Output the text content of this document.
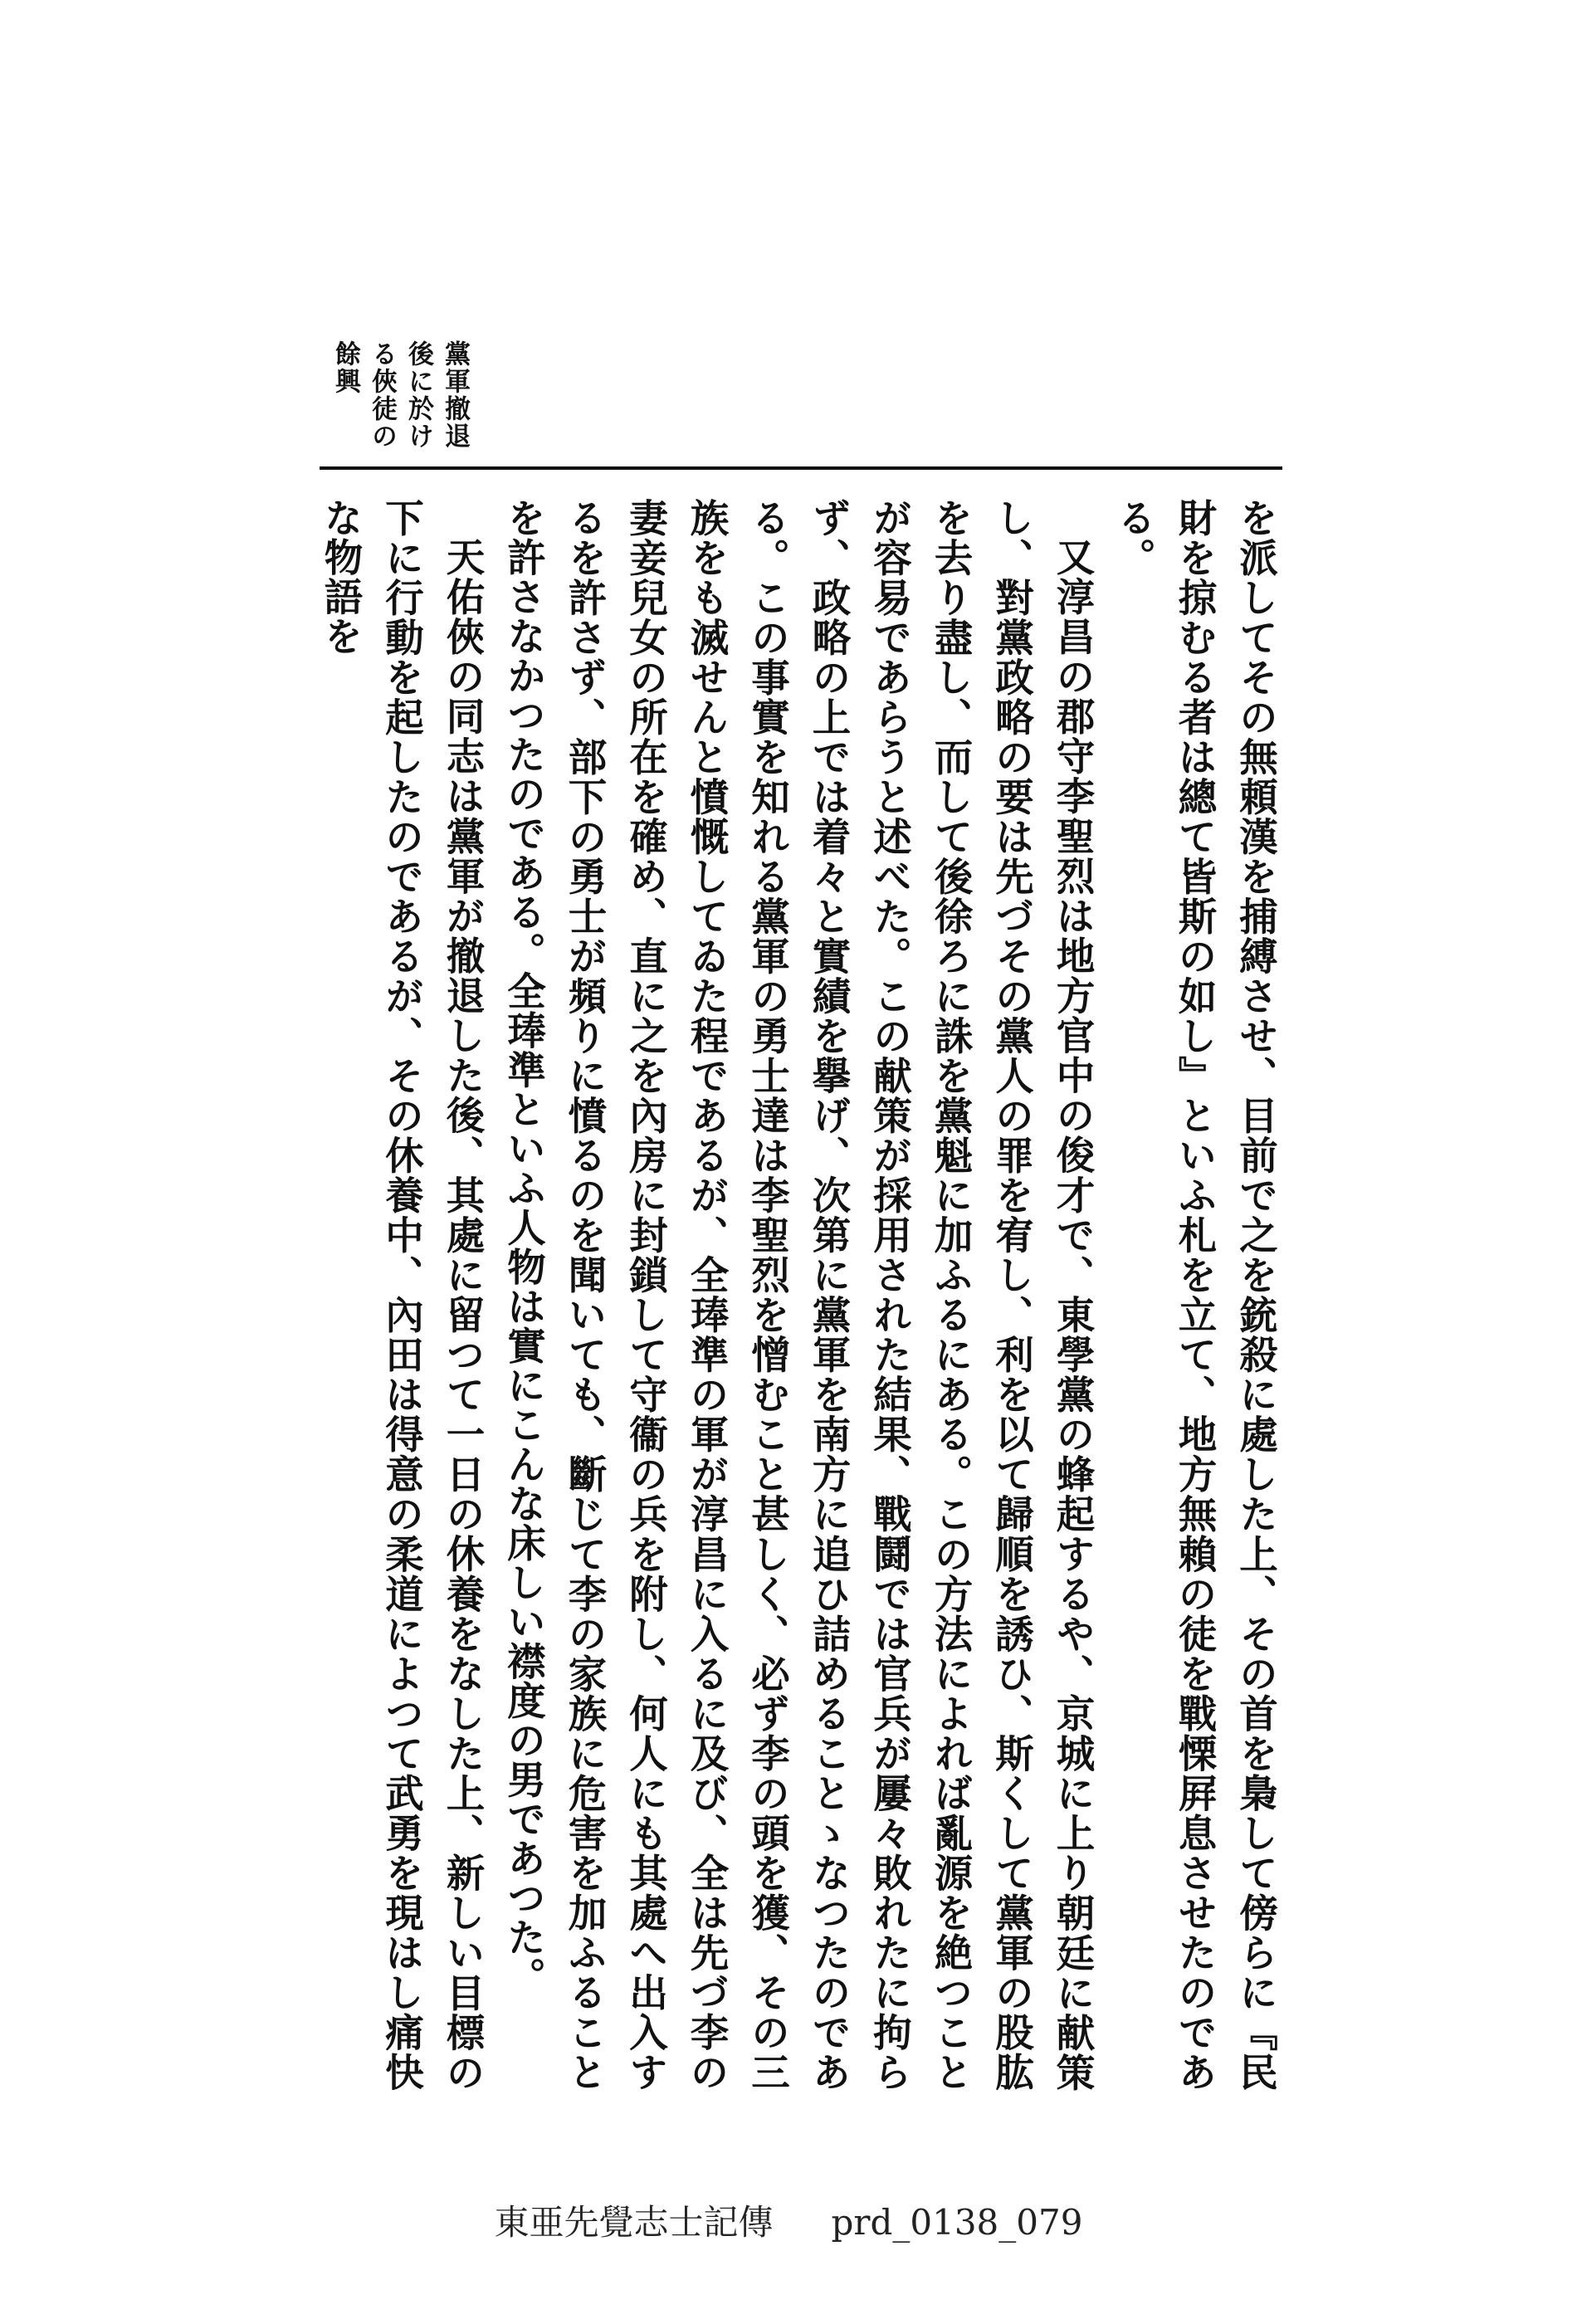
黨軍撤退後に於ける俠徒の餘興

を派してその無頼漢を捕縛させ、目前で之を銃殺に處した上、その首を梟して傍らに『民財を掠むる者は總て皆斯の如し』といふ札を立て、地方無賴の徒を戰慄屛息させたのである。

又淳昌の郡守李聖烈は地方官中の俊才で、東學黨の蜂起するや、京城に上り朝廷に献策し、對黨政略の要は先づその黨人の罪を宥し、利を以て歸順を誘ひ、斯くして黨軍の股肱を去り盡し、而して後徐ろに誅を黨魁に加ふるにある。この方法によれば亂源を絶つことが容易であらうと述べた。この献策が採用された結果、戰鬪では官兵が屢々敗れたに拘らず、政略の上では着々と實績を擧げ、次第に黨軍を南方に追ひ詰めることゝなつたのである。この事實を知れる黨軍の勇士達は李聖烈を憎むこと甚しく、必ず李の頭を獲、その三族をも滅せんと憤慨してゐた程であるが、全琫準の軍が淳昌に入るに及び、全は先づ李の妻妾兒女の所在を確め、直に之を內房に封鎖して守衞の兵を附し、何人にも其處へ出入するを許さず、部下の勇士が頻りに憤るのを聞いても、斷じて李の家族に危害を加ふることを許さなかつたのである。全琫準といふ人物は實にこんな床しい襟度の男であつた。

天佑俠の同志は黨軍が撤退した後、其處に留つて一日の休養をなした上、新しい目標の下に行動を起したのであるが、その休養中、內田は得意の柔道によつて武勇を現はし痛快な物語を

東亜先覺志士記傳 prd_0138_079
